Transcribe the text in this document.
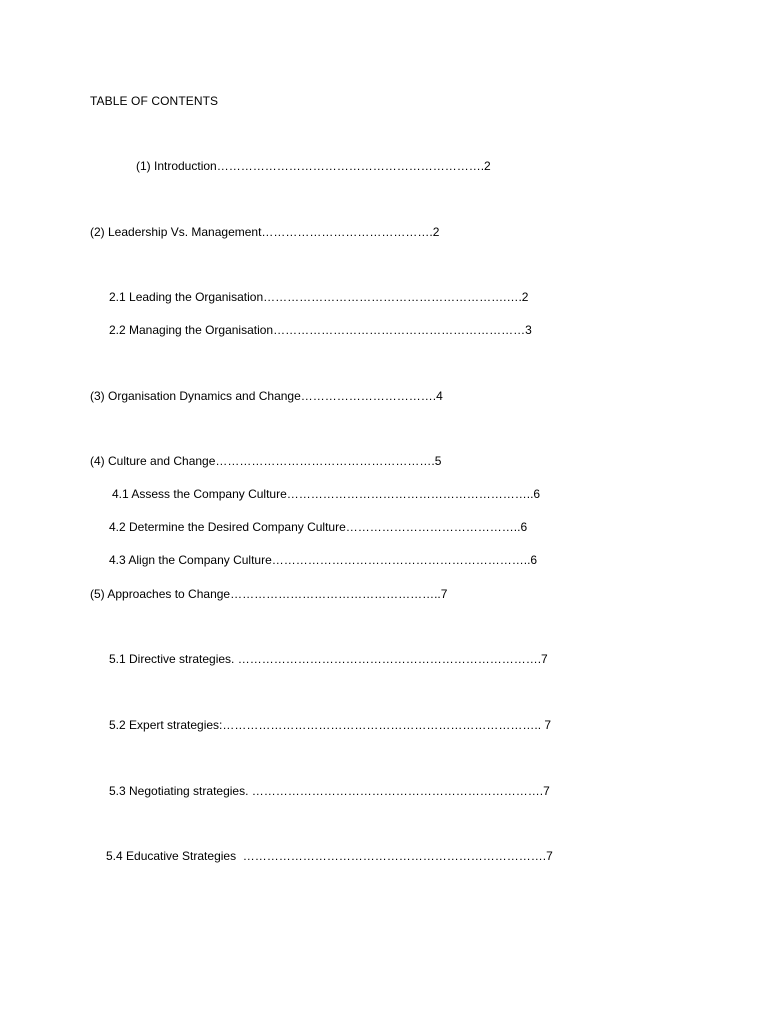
TABLE OF CONTENTS
(1) Introduction………………………………………………………….2
(2) Leadership Vs. Management…………………………………….2
2.1 Leading the Organisation…………………………………………………….….2
2.2 Managing the Organisation………………………………………………………3
(3) Organisation Dynamics and Change…………………………….4
(4) Culture and Change……………………………………………….5
4.1 Assess the Company Culture……………………………………………………..6
4.2 Determine the Desired Company Culture……………………………………..6
4.3 Align the Company Culture………………………………………………………..6
(5) Approaches to Change……………………………………………..7
5.1 Directive strategies. ………………………………………………………………….7
5.2 Expert strategies:…………………………………………………………………….. 7
5.3 Negotiating strategies. ……………………………………………………………….7
5.4 Educative Strategies  ………………………………………………………………….7
